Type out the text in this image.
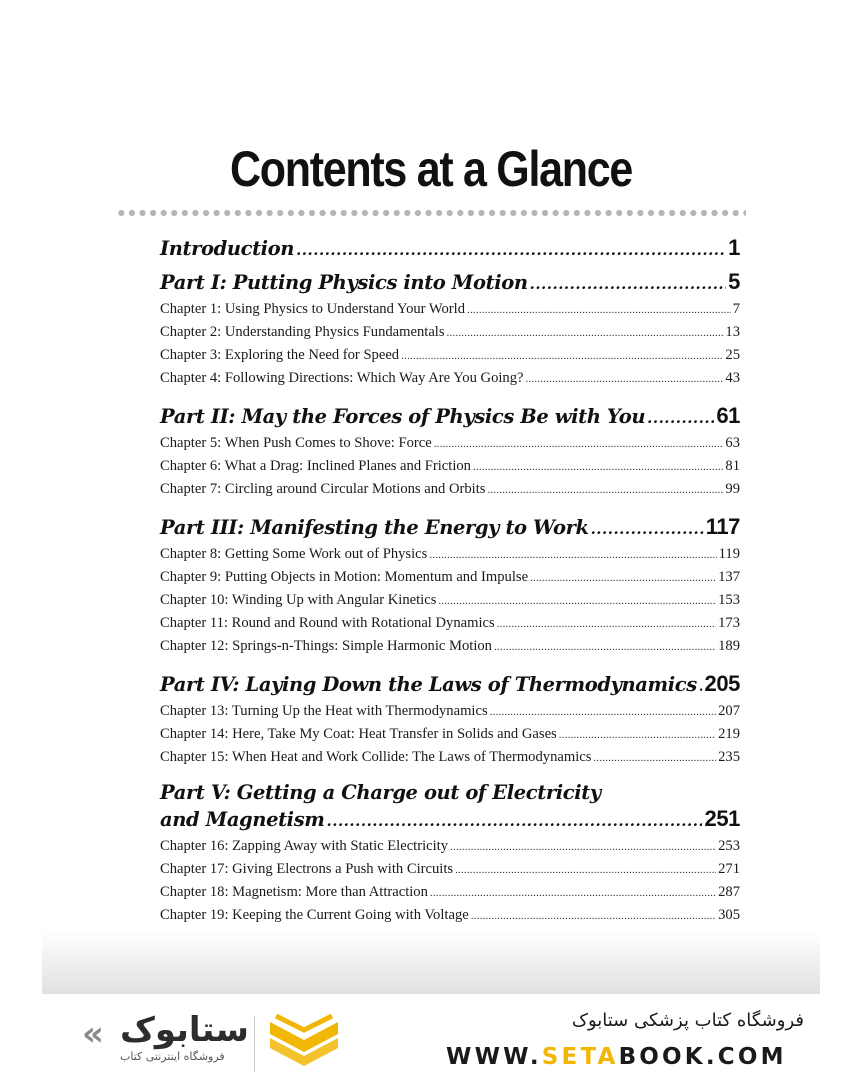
Contents at a Glance
Introduction .....	1
Part I: Putting Physics into Motion .....	5
Chapter 1: Using Physics to Understand Your World .....	7
Chapter 2: Understanding Physics Fundamentals .....	13
Chapter 3: Exploring the Need for Speed .....	25
Chapter 4: Following Directions: Which Way Are You Going? .....	43
Part II: May the Forces of Physics Be with You .....	61
Chapter 5: When Push Comes to Shove: Force .....	63
Chapter 6: What a Drag: Inclined Planes and Friction .....	81
Chapter 7: Circling around Circular Motions and Orbits .....	99
Part III: Manifesting the Energy to Work .....	117
Chapter 8: Getting Some Work out of Physics .....	119
Chapter 9: Putting Objects in Motion: Momentum and Impulse .....	137
Chapter 10: Winding Up with Angular Kinetics .....	153
Chapter 11: Round and Round with Rotational Dynamics .....	173
Chapter 12: Springs-n-Things: Simple Harmonic Motion .....	189
Part IV: Laying Down the Laws of Thermodynamics ..... 205
Chapter 13: Turning Up the Heat with Thermodynamics .....	207
Chapter 14: Here, Take My Coat: Heat Transfer in Solids and Gases .....	219
Chapter 15: When Heat and Work Collide: The Laws of Thermodynamics .....	235
Part V: Getting a Charge out of Electricity
and Magnetism .....	251
Chapter 16: Zapping Away with Static Electricity .....	253
Chapter 17: Giving Electrons a Push with Circuits .....	271
Chapter 18: Magnetism: More than Attraction .....	287
Chapter 19: Keeping the Current Going with Voltage .....	305
.....
« ستابوک
فروشگاه اینترنتی کتاب
فروشگاه کتاب پزشکی ستابوک
WWW.SETABOOK.COM
